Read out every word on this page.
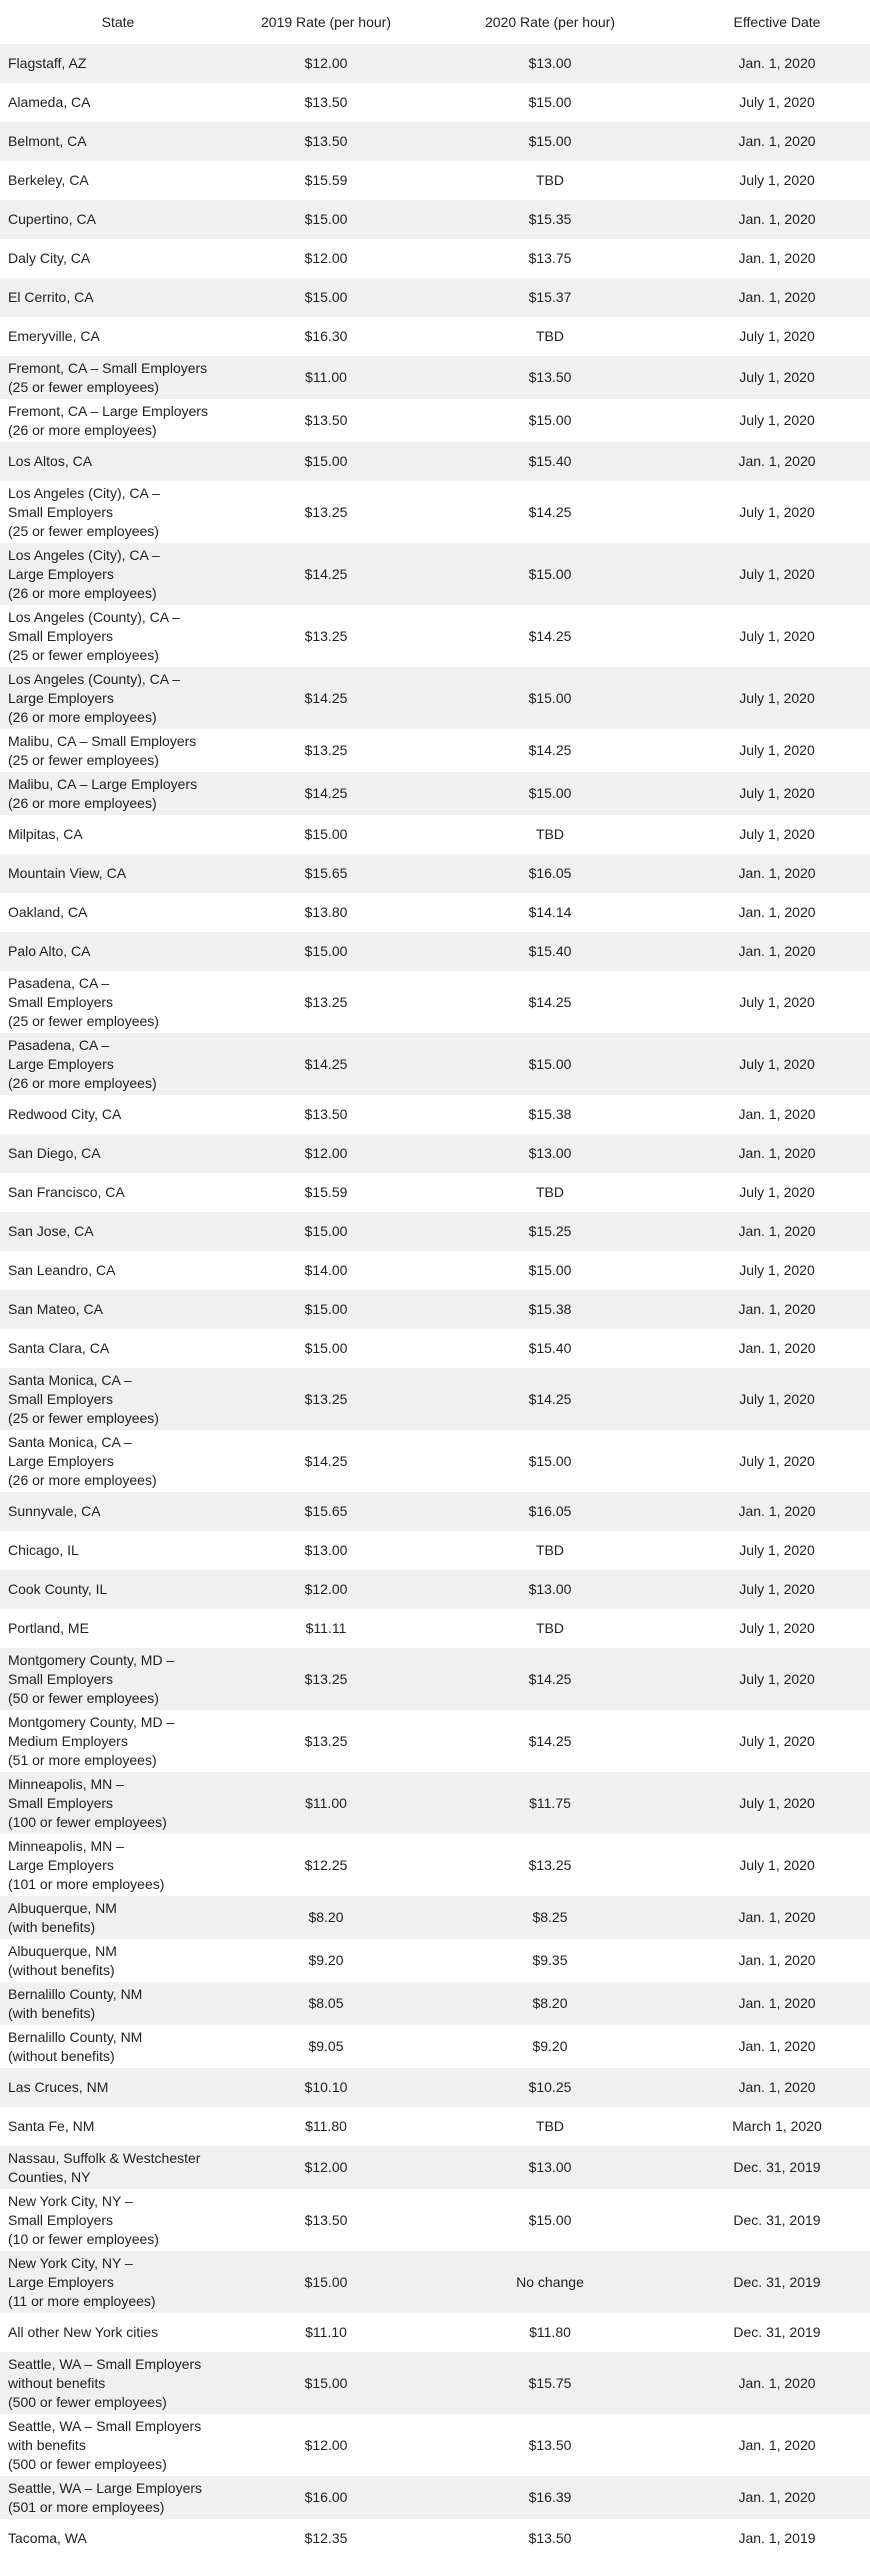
State	2019 Rate (per hour)	2020 Rate (per hour)	Effective Date
Flagstaff, AZ	$12.00	$13.00	Jan. 1, 2020
Alameda, CA	$13.50	$15.00	July 1, 2020
Belmont, CA	$13.50	$15.00	Jan. 1, 2020
Berkeley, CA	$15.59	TBD	July 1, 2020
Cupertino, CA	$15.00	$15.35	Jan. 1, 2020
Daly City, CA	$12.00	$13.75	Jan. 1, 2020
El Cerrito, CA	$15.00	$15.37	Jan. 1, 2020
Emeryville, CA	$16.30	TBD	July 1, 2020
Fremont, CA – Small Employers
(25 or fewer employees)	$11.00	$13.50	July 1, 2020
Fremont, CA – Large Employers
(26 or more employees)	$13.50	$15.00	July 1, 2020
Los Altos, CA	$15.00	$15.40	Jan. 1, 2020
Los Angeles (City), CA –
Small Employers
(25 or fewer employees)	$13.25	$14.25	July 1, 2020
Los Angeles (City), CA –
Large Employers
(26 or more employees)	$14.25	$15.00	July 1, 2020
Los Angeles (County), CA –
Small Employers
(25 or fewer employees)	$13.25	$14.25	July 1, 2020
Los Angeles (County), CA –
Large Employers
(26 or more employees)	$14.25	$15.00	July 1, 2020
Malibu, CA – Small Employers
(25 or fewer employees)	$13.25	$14.25	July 1, 2020
Malibu, CA – Large Employers
(26 or more employees)	$14.25	$15.00	July 1, 2020
Milpitas, CA	$15.00	TBD	July 1, 2020
Mountain View, CA	$15.65	$16.05	Jan. 1, 2020
Oakland, CA	$13.80	$14.14	Jan. 1, 2020
Palo Alto, CA	$15.00	$15.40	Jan. 1, 2020
Pasadena, CA –
Small Employers
(25 or fewer employees)	$13.25	$14.25	July 1, 2020
Pasadena, CA –
Large Employers
(26 or more employees)	$14.25	$15.00	July 1, 2020
Redwood City, CA	$13.50	$15.38	Jan. 1, 2020
San Diego, CA	$12.00	$13.00	Jan. 1, 2020
San Francisco, CA	$15.59	TBD	July 1, 2020
San Jose, CA	$15.00	$15.25	Jan. 1, 2020
San Leandro, CA	$14.00	$15.00	July 1, 2020
San Mateo, CA	$15.00	$15.38	Jan. 1, 2020
Santa Clara, CA	$15.00	$15.40	Jan. 1, 2020
Santa Monica, CA –
Small Employers
(25 or fewer employees)	$13.25	$14.25	July 1, 2020
Santa Monica, CA –
Large Employers
(26 or more employees)	$14.25	$15.00	July 1, 2020
Sunnyvale, CA	$15.65	$16.05	Jan. 1, 2020
Chicago, IL	$13.00	TBD	July 1, 2020
Cook County, IL	$12.00	$13.00	July 1, 2020
Portland, ME	$11.11	TBD	July 1, 2020
Montgomery County, MD –
Small Employers
(50 or fewer employees)	$13.25	$14.25	July 1, 2020
Montgomery County, MD –
Medium Employers
(51 or more employees)	$13.25	$14.25	July 1, 2020
Minneapolis, MN –
Small Employers
(100 or fewer employees)	$11.00	$11.75	July 1, 2020
Minneapolis, MN –
Large Employers
(101 or more employees)	$12.25	$13.25	July 1, 2020
Albuquerque, NM
(with benefits)	$8.20	$8.25	Jan. 1, 2020
Albuquerque, NM
(without benefits)	$9.20	$9.35	Jan. 1, 2020
Bernalillo County, NM
(with benefits)	$8.05	$8.20	Jan. 1, 2020
Bernalillo County, NM
(without benefits)	$9.05	$9.20	Jan. 1, 2020
Las Cruces, NM	$10.10	$10.25	Jan. 1, 2020
Santa Fe, NM	$11.80	TBD	March 1, 2020
Nassau, Suffolk & Westchester
Counties, NY	$12.00	$13.00	Dec. 31, 2019
New York City, NY –
Small Employers
(10 or fewer employees)	$13.50	$15.00	Dec. 31, 2019
New York City, NY –
Large Employers
(11 or more employees)	$15.00	No change	Dec. 31, 2019
All other New York cities	$11.10	$11.80	Dec. 31, 2019
Seattle, WA – Small Employers
without benefits
(500 or fewer employees)	$15.00	$15.75	Jan. 1, 2020
Seattle, WA – Small Employers
with benefits
(500 or fewer employees)	$12.00	$13.50	Jan. 1, 2020
Seattle, WA – Large Employers
(501 or more employees)	$16.00	$16.39	Jan. 1, 2020
Tacoma, WA	$12.35	$13.50	Jan. 1, 2019
